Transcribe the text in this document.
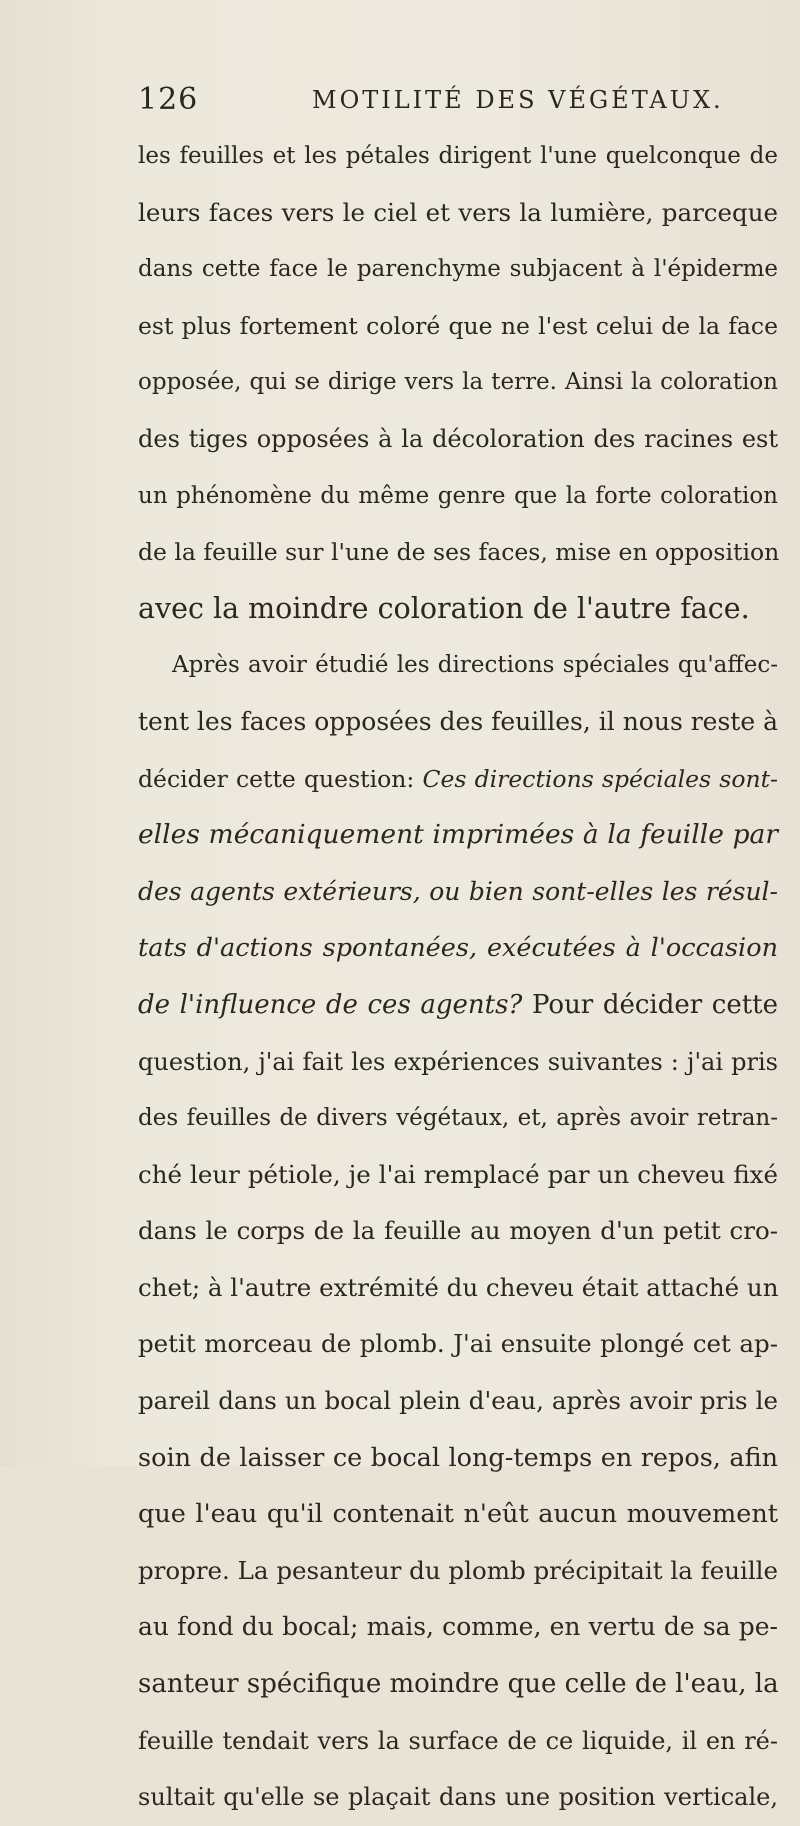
126	MOTILITÉ DES VÉGÉTAUX.
les feuilles et les pétales dirigent l'une quelconque de
leurs faces vers le ciel et vers la lumière, parceque
dans cette face le parenchyme subjacent à l'épiderme
est plus fortement coloré que ne l'est celui de la face
opposée, qui se dirige vers la terre. Ainsi la coloration
des tiges opposées à la décoloration des racines est
un phénomène du même genre que la forte coloration
de la feuille sur l'une de ses faces, mise en opposition
avec la moindre coloration de l'autre face.
Après avoir étudié les directions spéciales qu'affec-
tent les faces opposées des feuilles, il nous reste à
décider cette question: Ces directions spéciales sont-
elles mécaniquement imprimées à la feuille par
des agents extérieurs, ou bien sont-elles les résul-
tats d'actions spontanées, exécutées à l'occasion
de l'influence de ces agents? Pour décider cette
question, j'ai fait les expériences suivantes : j'ai pris
des feuilles de divers végétaux, et, après avoir retran-
ché leur pétiole, je l'ai remplacé par un cheveu fixé
dans le corps de la feuille au moyen d'un petit cro-
chet; à l'autre extrémité du cheveu était attaché un
petit morceau de plomb. J'ai ensuite plongé cet ap-
pareil dans un bocal plein d'eau, après avoir pris le
soin de laisser ce bocal long-temps en repos, afin
que l'eau qu'il contenait n'eût aucun mouvement
propre. La pesanteur du plomb précipitait la feuille
au fond du bocal; mais, comme, en vertu de sa pe-
santeur spécifique moindre que celle de l'eau, la
feuille tendait vers la surface de ce liquide, il en ré-
sultait qu'elle se plaçait dans une position verticale,
